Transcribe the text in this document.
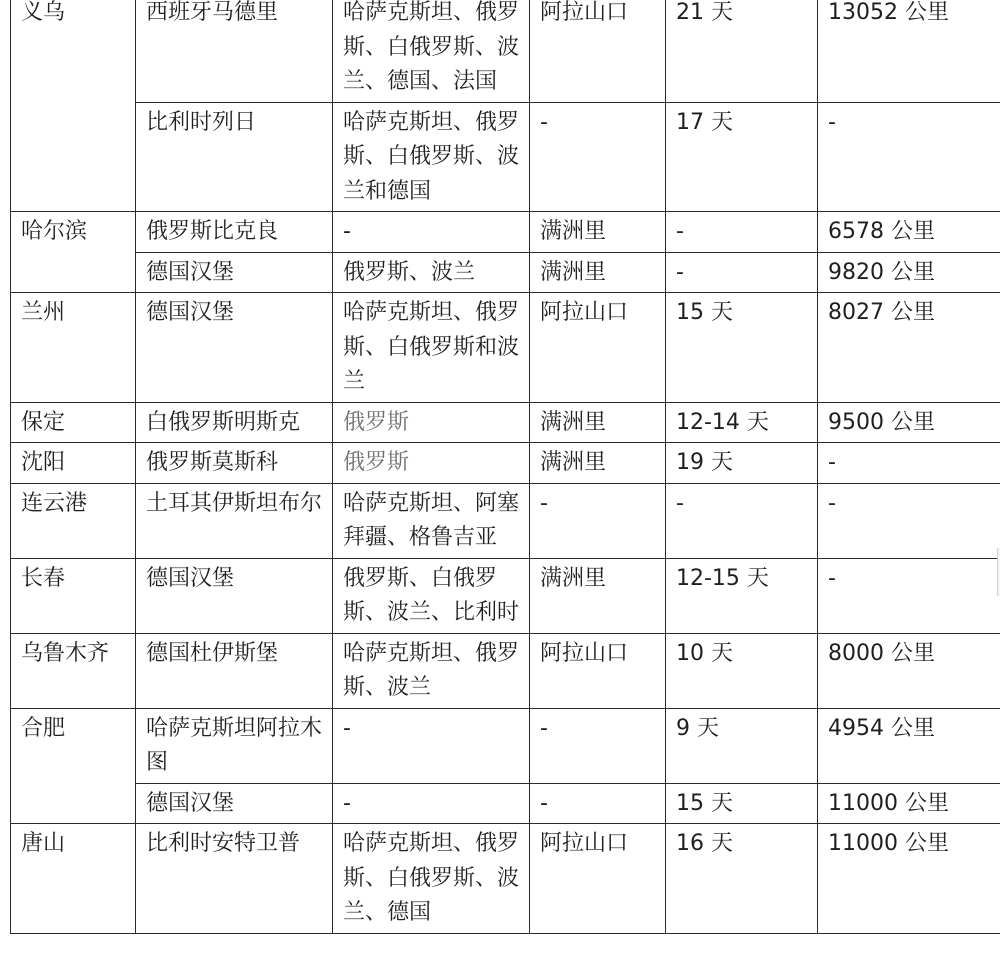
义乌	西班牙马德里	哈萨克斯坦、俄罗斯、白俄罗斯、波兰、德国、法国	阿拉山口	21 天	13052 公里
	比利时列日	哈萨克斯坦、俄罗斯、白俄罗斯、波兰和德国	-	17 天	-
哈尔滨	俄罗斯比克良	-	满洲里	-	6578 公里
	德国汉堡	俄罗斯、波兰	满洲里	-	9820 公里
兰州	德国汉堡	哈萨克斯坦、俄罗斯、白俄罗斯和波兰	阿拉山口	15 天	8027 公里
保定	白俄罗斯明斯克	俄罗斯	满洲里	12-14 天	9500 公里
沈阳	俄罗斯莫斯科	俄罗斯	满洲里	19 天	-
连云港	土耳其伊斯坦布尔	哈萨克斯坦、阿塞拜疆、格鲁吉亚	-	-	-
长春	德国汉堡	俄罗斯、白俄罗斯、波兰、比利时	满洲里	12-15 天	-
乌鲁木齐	德国杜伊斯堡	哈萨克斯坦、俄罗斯、波兰	阿拉山口	10 天	8000 公里
合肥	哈萨克斯坦阿拉木图	-	-	9 天	4954 公里
	德国汉堡	-	-	15 天	11000 公里
唐山	比利时安特卫普	哈萨克斯坦、俄罗斯、白俄罗斯、波兰、德国	阿拉山口	16 天	11000 公里
